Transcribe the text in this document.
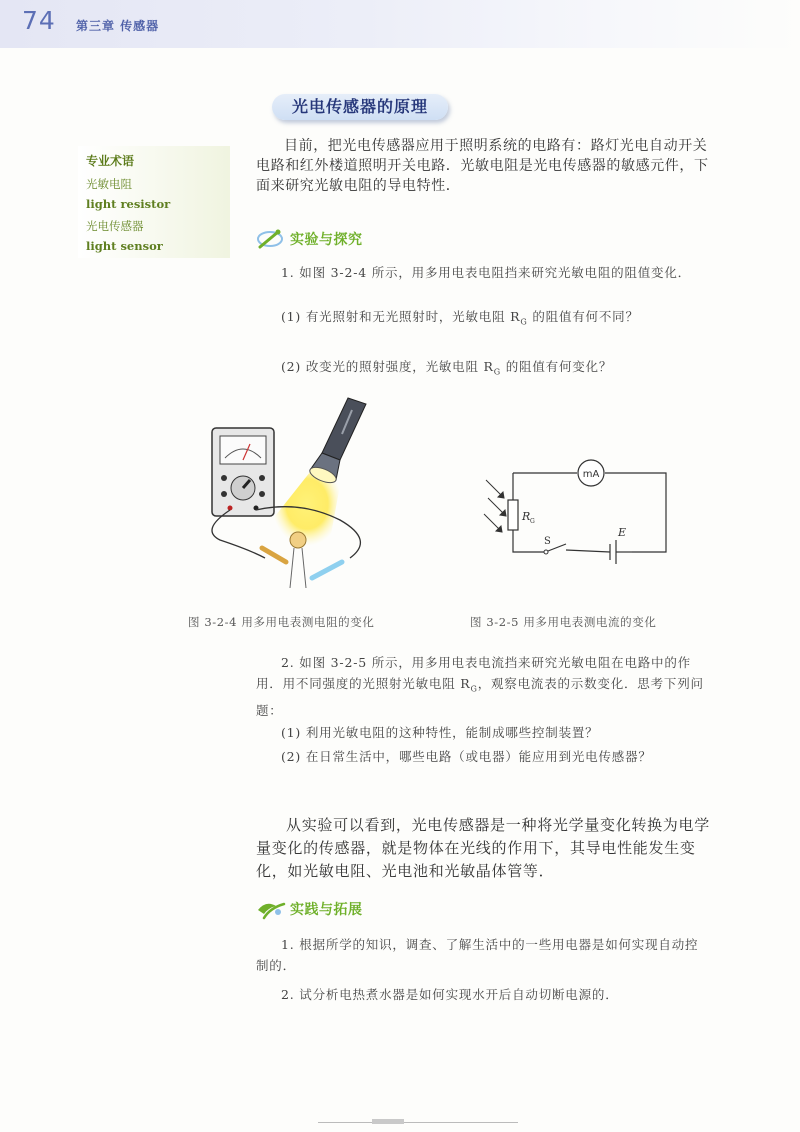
74 第三章 传感器
光电传感器的原理
专业术语
光敏电阻
light resistor
光电传感器
light sensor

目前，把光电传感器应用于照明系统的电路有：路灯光电自动开关电路和红外楼道照明开关电路．光敏电阻是光电传感器的敏感元件，下面来研究光敏电阻的导电特性．

实验与探究

1. 如图 3-2-4 所示，用多用电表电阻挡来研究光敏电阻的阻值变化．

(1) 有光照射和无光照射时，光敏电阻 $R_G$ 的阻值有何不同？

(2) 改变光的照射强度，光敏电阻 $R_G$ 的阻值有何变化？

R G
mA
S
E
图 3-2-4 用多用电表测电阻的变化	图 3-2-5 用多用电表测电流的变化

2. 如图 3-2-5 所示，用多用电表电流挡来研究光敏电阻在电路中的作用．用不同强度的光照射光敏电阻 $R_G$，观察电流表的示数变化．思考下列问题：

(1) 利用光敏电阻的这种特性，能制成哪些控制装置？

(2) 在日常生活中，哪些电路（或电器）能应用到光电传感器？

从实验可以看到，光电传感器是一种将光学量变化转换为电学量变化的传感器，就是物体在光线的作用下，其导电性能发生变化，如光敏电阻、光电池和光敏晶体管等．

实践与拓展

1. 根据所学的知识，调查、了解生活中的一些用电器是如何实现自动控制的．

2. 试分析电热煮水器是如何实现水开后自动切断电源的．
